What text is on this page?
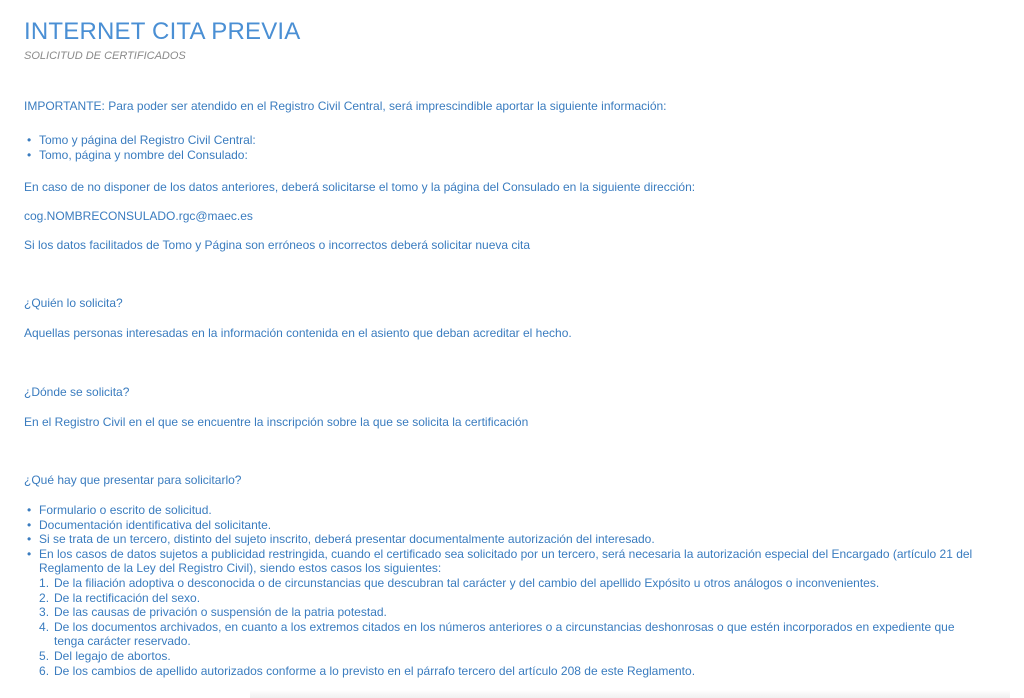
INTERNET CITA PREVIA
SOLICITUD DE CERTIFICADOS
IMPORTANTE: Para poder ser atendido en el Registro Civil Central, será imprescindible aportar la siguiente información:
• Tomo y página del Registro Civil Central:
• Tomo, página y nombre del Consulado:
En caso de no disponer de los datos anteriores, deberá solicitarse el tomo y la página del Consulado en la siguiente dirección:
cog.NOMBRECONSULADO.rgc@maec.es
Si los datos facilitados de Tomo y Página son erróneos o incorrectos deberá solicitar nueva cita
¿Quién lo solicita?
Aquellas personas interesadas en la información contenida en el asiento que deban acreditar el hecho.
¿Dónde se solicita?
En el Registro Civil en el que se encuentre la inscripción sobre la que se solicita la certificación
¿Qué hay que presentar para solicitarlo?
• Formulario o escrito de solicitud.
• Documentación identificativa del solicitante.
• Si se trata de un tercero, distinto del sujeto inscrito, deberá presentar documentalmente autorización del interesado.
• En los casos de datos sujetos a publicidad restringida, cuando el certificado sea solicitado por un tercero, será necesaria la autorización especial del Encargado (artículo 21 del Reglamento de la Ley del Registro Civil), siendo estos casos los siguientes:
De la filiación adoptiva o desconocida o de circunstancias que descubran tal carácter y del cambio del apellido Expósito u otros análogos o inconvenientes.
De la rectificación del sexo.
De las causas de privación o suspensión de la patria potestad.
De los documentos archivados, en cuanto a los extremos citados en los números anteriores o a circunstancias deshonrosas o que estén incorporados en expediente que tenga carácter reservado.
Del legajo de abortos.
De los cambios de apellido autorizados conforme a lo previsto en el párrafo tercero del artículo 208 de este Reglamento.
